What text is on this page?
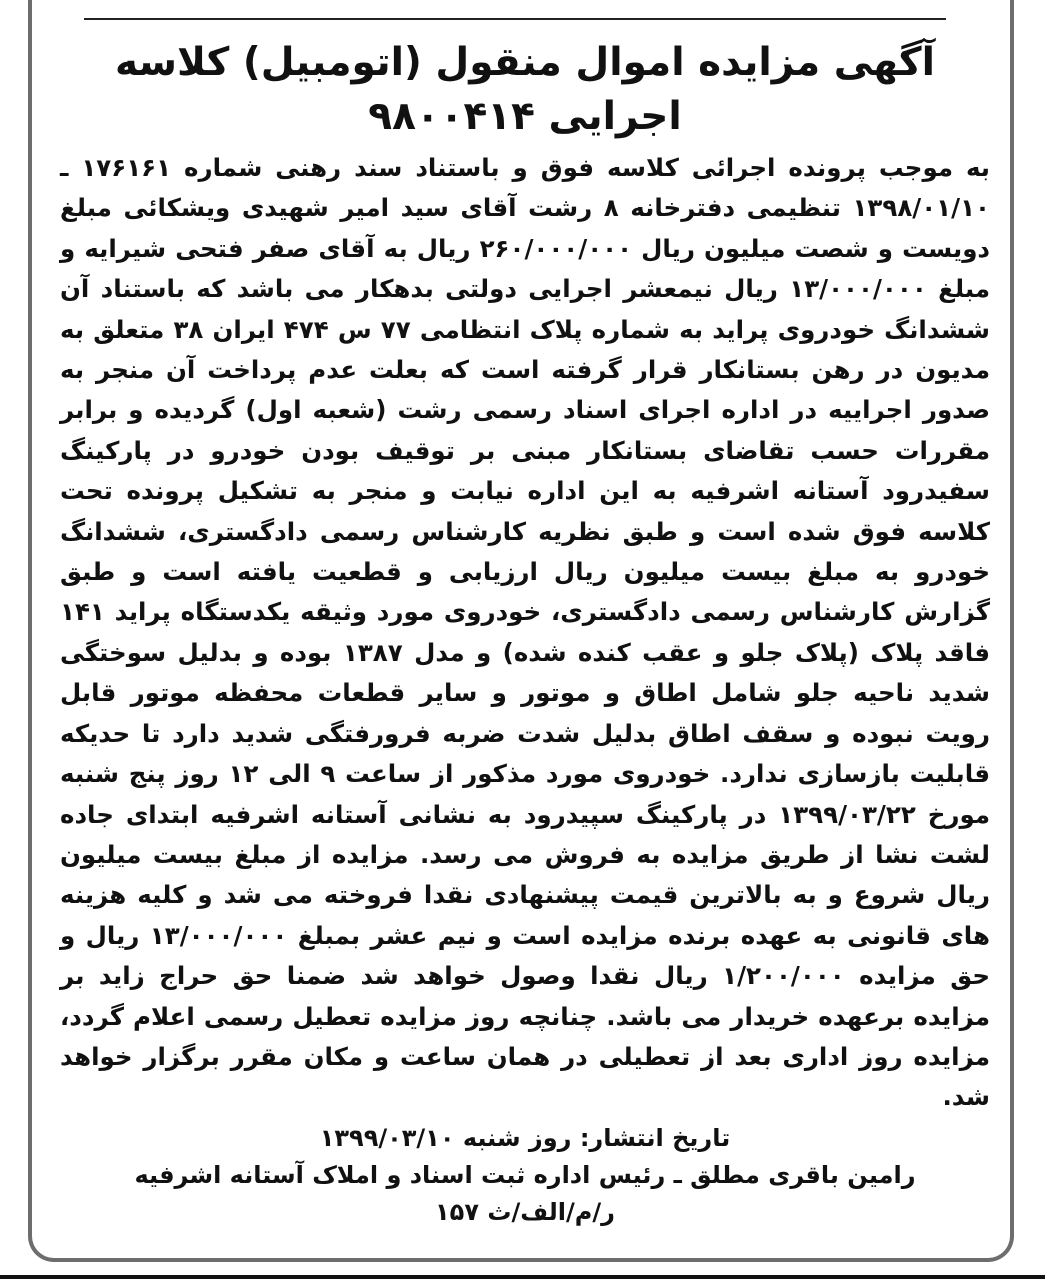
آگهی مزایده اموال منقول (اتومبیل) کلاسه اجرایی ۹۸۰۰۴۱۴

به موجب پرونده اجرائی کلاسه فوق و باستناد سند رهنی شماره ۱۷۶۱۶۱ ـ ۱۳۹۸/۰۱/۱۰ تنظیمی دفترخانه ۸ رشت آقای سید امیر شهیدی ویشکائی مبلغ دویست و شصت میلیون ریال ۲۶۰/۰۰۰/۰۰۰ ریال به آقای صفر فتحی شیرایه و مبلغ ۱۳/۰۰۰/۰۰۰ ریال نیمعشر اجرایی دولتی بدهکار می باشد که باستناد آن ششدانگ خودروی پراید به شماره پلاک انتظامی ۷۷ س ۴۷۴ ایران ۳۸ متعلق به مدیون در رهن بستانکار قرار گرفته است که بعلت عدم پرداخت آن منجر به صدور اجراییه در اداره اجرای اسناد رسمی رشت (شعبه اول) گردیده و برابر مقررات حسب تقاضای بستانکار مبنی بر توقیف بودن خودرو در پارکینگ سفیدرود آستانه اشرفیه به این اداره نیابت و منجر به تشکیل پرونده تحت کلاسه فوق شده است و طبق نظریه کارشناس رسمی دادگستری، ششدانگ خودرو به مبلغ بیست میلیون ریال ارزیابی و قطعیت یافته است و طبق گزارش کارشناس رسمی دادگستری، خودروی مورد وثیقه یکدستگاه پراید ۱۴۱ فاقد پلاک (پلاک جلو و عقب کنده شده) و مدل ۱۳۸۷ بوده و بدلیل سوختگی شدید ناحیه جلو شامل اطاق و موتور و سایر قطعات محفظه موتور قابل رویت نبوده و سقف اطاق بدلیل شدت ضربه فرورفتگی شدید دارد تا حدیکه قابلیت بازسازی ندارد. خودروی مورد مذکور از ساعت ۹ الی ۱۲ روز پنج شنبه مورخ ۱۳۹۹/۰۳/۲۲ در پارکینگ سپیدرود به نشانی آستانه اشرفیه ابتدای جاده لشت نشا از طریق مزایده به فروش می رسد. مزایده از مبلغ بیست میلیون ریال شروع و به بالاترین قیمت پیشنهادی نقدا فروخته می شد و کلیه هزینه های قانونی به عهده برنده مزایده است و نیم عشر بمبلغ ۱۳/۰۰۰/۰۰۰ ریال و حق مزایده ۱/۲۰۰/۰۰۰ ریال نقدا وصول خواهد شد ضمنا حق حراج زاید بر مزایده برعهده خریدار می باشد. چنانچه روز مزایده تعطیل رسمی اعلام گردد، مزایده روز اداری بعد از تعطیلی در همان ساعت و مکان مقرر برگزار خواهد شد.

تاریخ انتشار: روز شنبه ۱۳۹۹/۰۳/۱۰
رامین باقری مطلق ـ رئیس اداره ثبت اسناد و املاک آستانه اشرفیه
ر/م/الف/ث ۱۵۷
